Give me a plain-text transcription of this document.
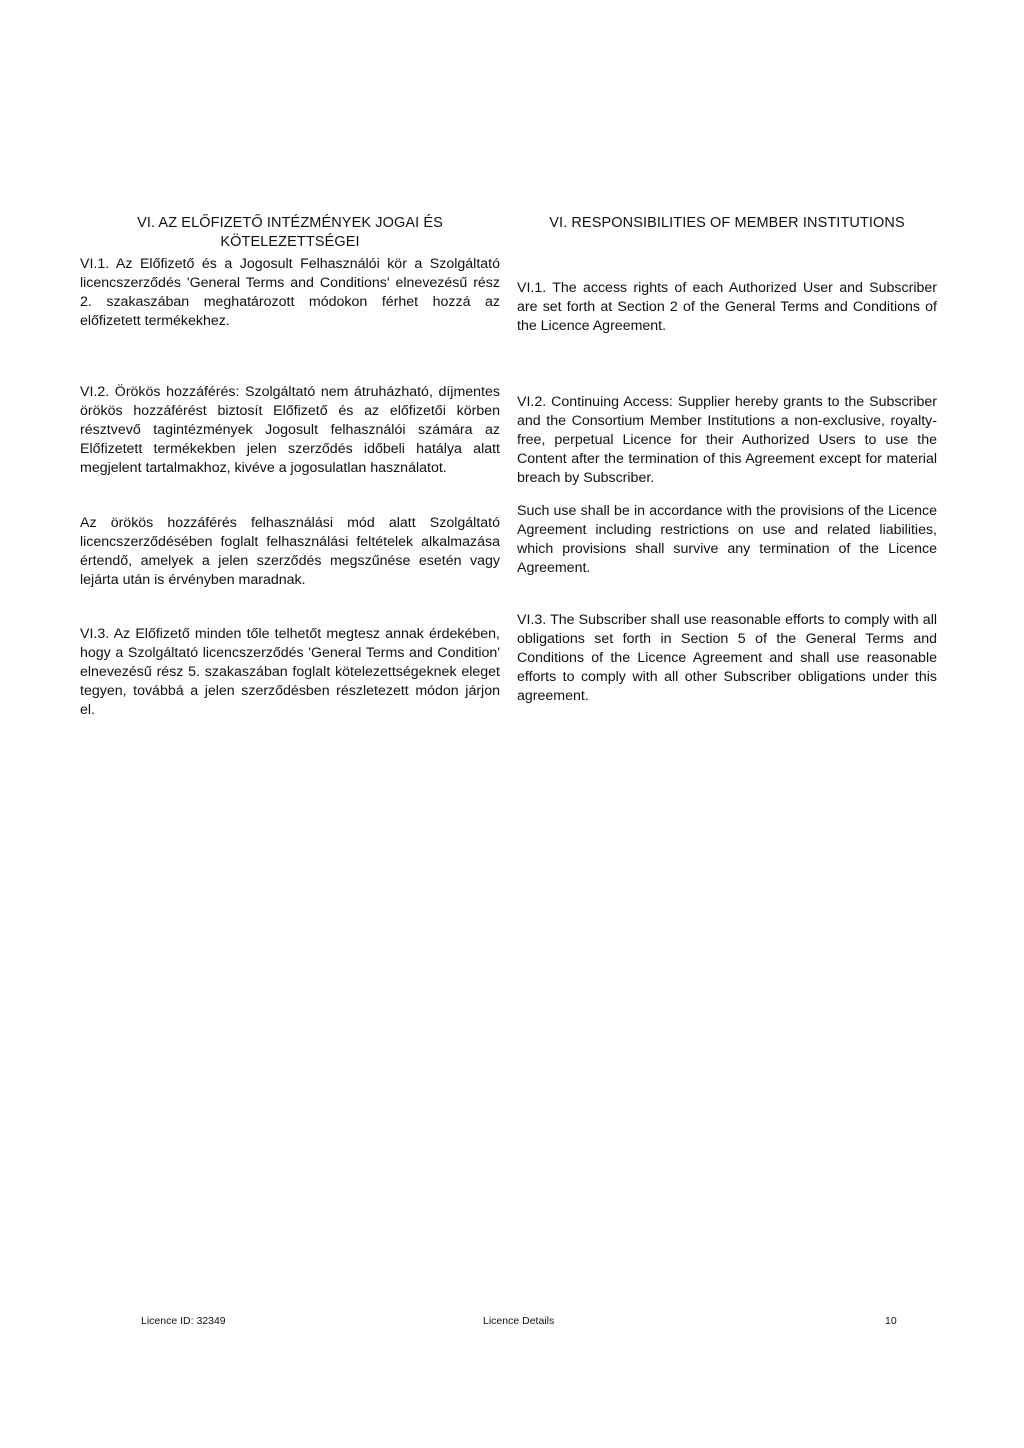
VI. AZ ELŐFIZETŐ INTÉZMÉNYEK JOGAI ÉS
KÖTELEZETTSÉGEI
VI. RESPONSIBILITIES OF MEMBER INSTITUTIONS

VI.1. Az Előfizető és a Jogosult Felhasználói kör a Szolgáltató licencszerződés 'General Terms and Conditions' elnevezésű rész 2. szakaszában meghatározott módokon férhet hozzá az előfizetett termékekhez.

VI.2. Örökös hozzáférés: Szolgáltató nem átruházható, díjmentes örökös hozzáférést biztosít Előfizető és az előfizetői körben résztvevő tagintézmények Jogosult felhasználói számára az Előfizetett termékekben jelen szerződés időbeli hatálya alatt megjelent tartalmakhoz, kivéve a jogosulatlan használatot.

Az örökös hozzáférés felhasználási mód alatt Szolgáltató licencszerződésében foglalt felhasználási feltételek alkalmazása értendő, amelyek a jelen szerződés megszűnése esetén vagy lejárta után is érvényben maradnak.

VI.3. Az Előfizető minden tőle telhetőt megtesz annak érdekében, hogy a Szolgáltató licencszerződés 'General Terms and Condition' elnevezésű rész 5. szakaszában foglalt kötelezettségeknek eleget tegyen, továbbá a jelen szerződésben részletezett módon járjon el.

VI.1. The access rights of each Authorized User and Subscriber are set forth at Section 2 of the General Terms and Conditions of the Licence Agreement.

VI.2. Continuing Access: Supplier hereby grants to the Subscriber and the Consortium Member Institutions a non-exclusive, royalty-free, perpetual Licence for their Authorized Users to use the Content after the termination of this Agreement except for material breach by Subscriber.

Such use shall be in accordance with the provisions of the Licence Agreement including restrictions on use and related liabilities, which provisions shall survive any termination of the Licence Agreement.

VI.3. The Subscriber shall use reasonable efforts to comply with all obligations set forth in Section 5 of the General Terms and Conditions of the Licence Agreement and shall use reasonable efforts to comply with all other Subscriber obligations under this agreement.

Licence ID: 32349	Licence Details	10
